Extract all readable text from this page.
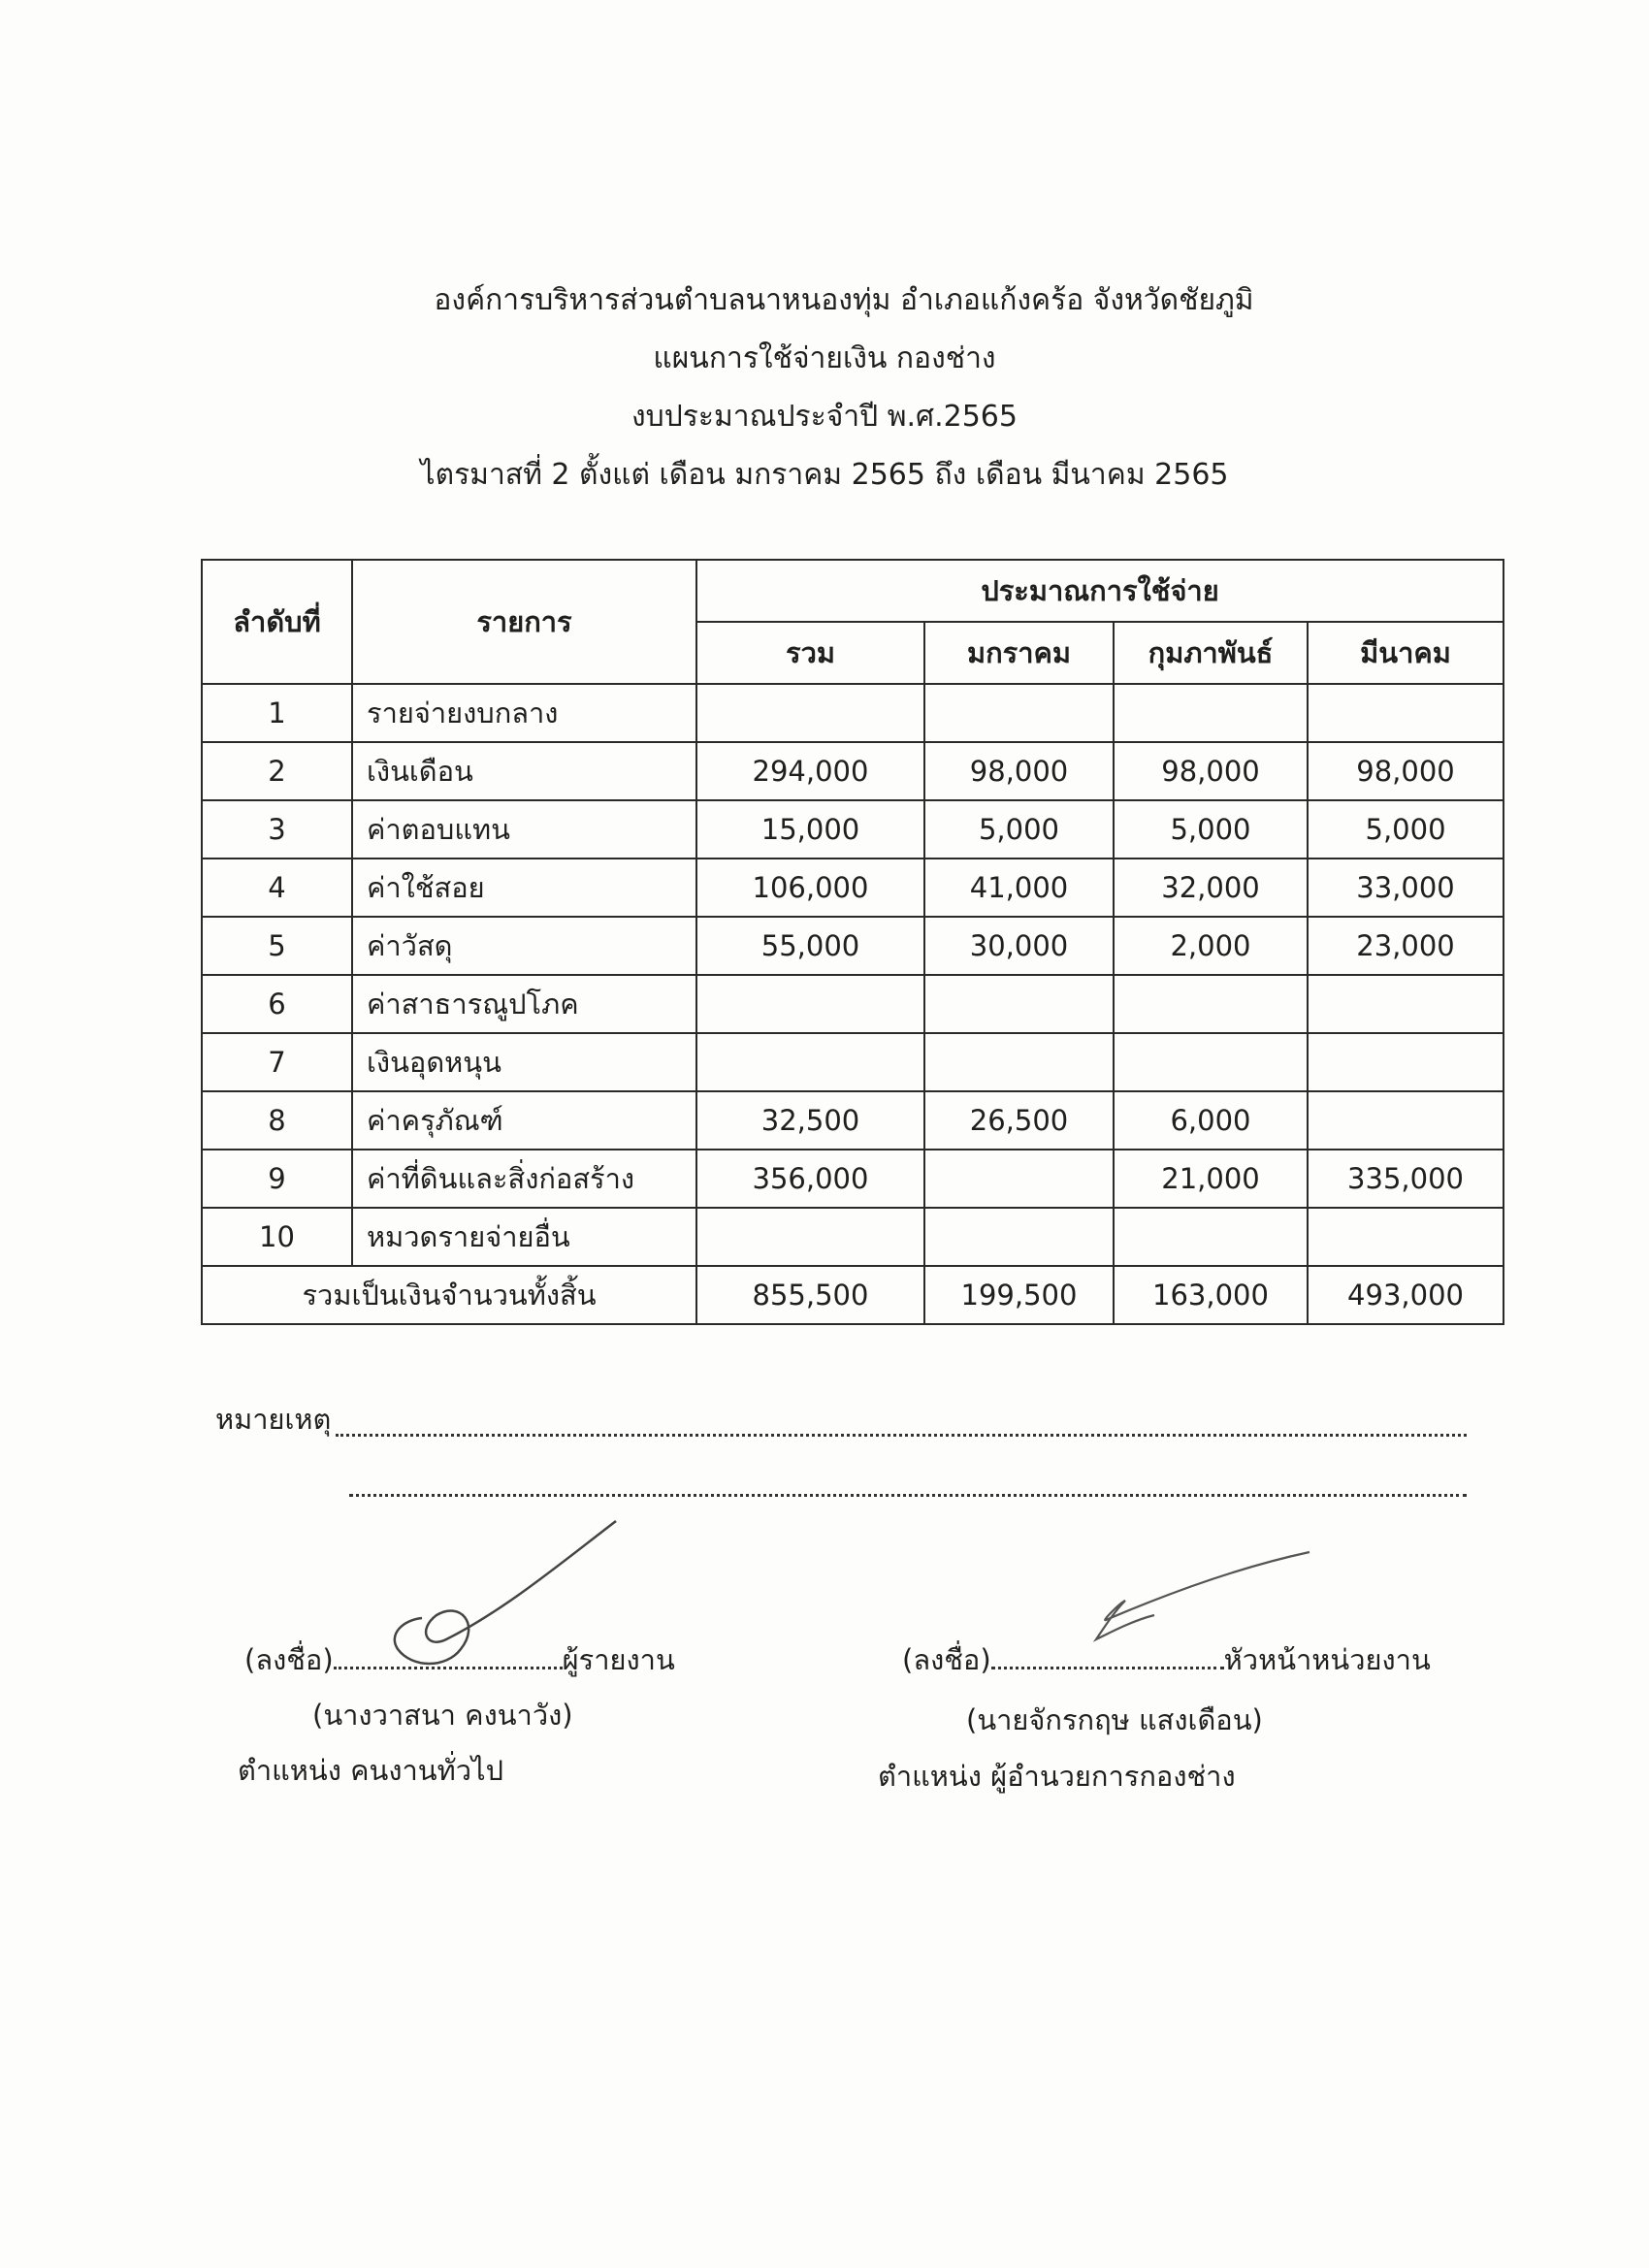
องค์การบริหารส่วนตำบลนาหนองทุ่ม อำเภอแก้งคร้อ จังหวัดชัยภูมิ
แผนการใช้จ่ายเงิน กองช่าง
งบประมาณประจำปี พ.ศ.2565
ไตรมาสที่ 2 ตั้งแต่ เดือน มกราคม 2565 ถึง เดือน มีนาคม 2565
ลำดับที่	รายการ	ประมาณการใช้จ่าย			
		รวม	มกราคม	กุมภาพันธ์	มีนาคม
1	รายจ่ายงบกลาง				
2	เงินเดือน	294,000	98,000	98,000	98,000
3	ค่าตอบแทน	15,000	5,000	5,000	5,000
4	ค่าใช้สอย	106,000	41,000	32,000	33,000
5	ค่าวัสดุ	55,000	30,000	2,000	23,000
6	ค่าสาธารณูปโภค				
7	เงินอุดหนุน				
8	ค่าครุภัณฑ์	32,500	26,500	6,000	
9	ค่าที่ดินและสิ่งก่อสร้าง	356,000		21,000	335,000
10	หมวดรายจ่ายอื่น				
รวมเป็นเงินจำนวนทั้งสิ้น		855,500	199,500	163,000	493,000
หมายเหตุ
(ลงชื่อ)	ผู้รายงาน
(นางวาสนา คงนาวัง)
ตำแหน่ง คนงานทั่วไป
(ลงชื่อ)	หัวหน้าหน่วยงาน
(นายจักรกฤษ แสงเดือน)
ตำแหน่ง ผู้อำนวยการกองช่าง
